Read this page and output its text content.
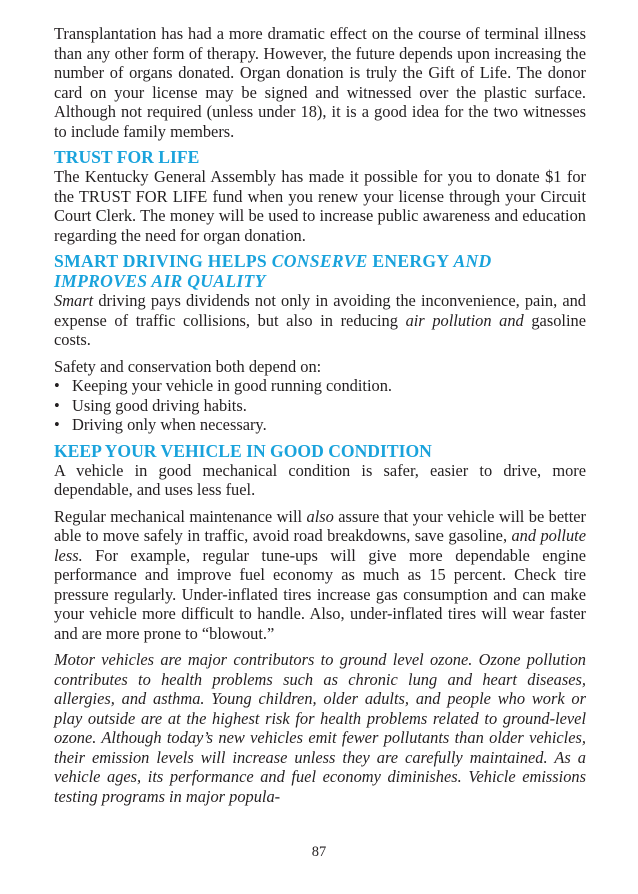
Transplantation has had a more dramatic effect on the course of terminal illness than any other form of therapy. However, the future depends upon increasing the number of organs donated. Organ donation is truly the Gift of Life. The donor card on your license may be signed and witnessed over the plastic surface. Although not required (unless under 18), it is a good idea for the two witnesses to include family members.

TRUST FOR LIFE

The Kentucky General Assembly has made it possible for you to donate $1 for the TRUST FOR LIFE fund when you renew your license through your Circuit Court Clerk. The money will be used to increase public awareness and education regarding the need for organ donation.

SMART DRIVING HELPS CONSERVE ENERGY AND IMPROVES AIR QUALITY

Smart driving pays dividends not only in avoiding the inconvenience, pain, and expense of traffic collisions, but also in reducing air pollution and gasoline costs.

Safety and conservation both depend on:

• Keeping your vehicle in good running condition.
• Using good driving habits.
• Driving only when necessary.
KEEP YOUR VEHICLE IN GOOD CONDITION

A vehicle in good mechanical condition is safer, easier to drive, more dependable, and uses less fuel.

Regular mechanical maintenance will also assure that your vehicle will be better able to move safely in traffic, avoid road breakdowns, save gasoline, and pollute less. For example, regular tune-ups will give more dependable engine performance and improve fuel economy as much as 15 percent. Check tire pressure regularly. Under-inflated tires increase gas consumption and can make your vehicle more difficult to handle. Also, under-inflated tires will wear faster and are more prone to “blowout.”

Motor vehicles are major contributors to ground level ozone. Ozone pollution contributes to health problems such as chronic lung and heart diseases, allergies, and asthma. Young children, older adults, and people who work or play outside are at the highest risk for health problems related to ground-level ozone. Although today’s new vehicles emit fewer pollutants than older vehicles, their emission levels will increase unless they are carefully maintained. As a vehicle ages, its performance and fuel economy diminishes. Vehicle emissions testing programs in major popula-

87
